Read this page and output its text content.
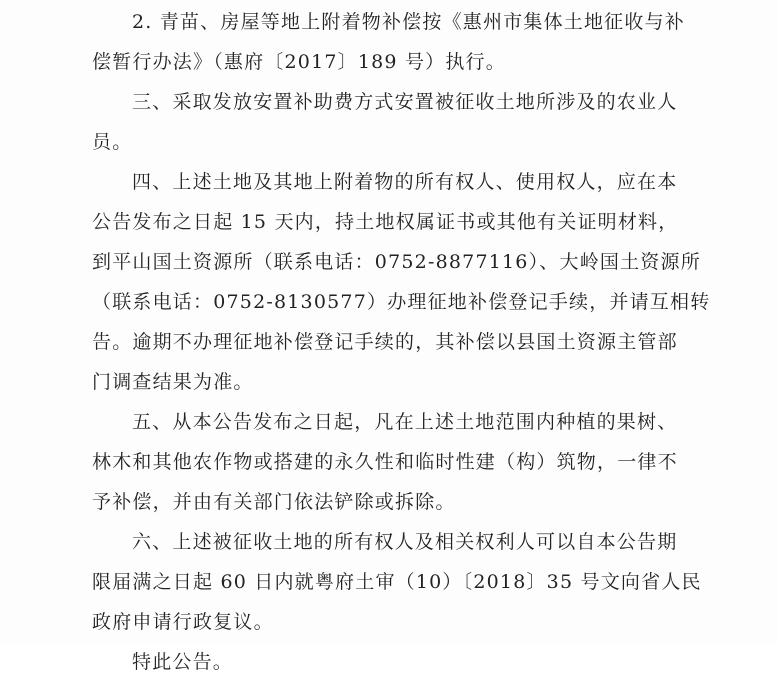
2. 青苗、房屋等地上附着物补偿按《惠州市集体土地征收与补
偿暂行办法》（惠府〔2017〕189 号）执行。
三、采取发放安置补助费方式安置被征收土地所涉及的农业人
员。
四、上述土地及其地上附着物的所有权人、使用权人，应在本
公告发布之日起 15 天内，持土地权属证书或其他有关证明材料，
到平山国土资源所（联系电话：0752-8877116）、大岭国土资源所
（联系电话：0752-8130577）办理征地补偿登记手续，并请互相转
告。逾期不办理征地补偿登记手续的，其补偿以县国土资源主管部
门调查结果为准。
五、从本公告发布之日起，凡在上述土地范围内种植的果树、
林木和其他农作物或搭建的永久性和临时性建（构）筑物，一律不
予补偿，并由有关部门依法铲除或拆除。
六、上述被征收土地的所有权人及相关权利人可以自本公告期
限届满之日起 60 日内就粤府土审（10）〔2018〕35 号文向省人民
政府申请行政复议。
特此公告。
